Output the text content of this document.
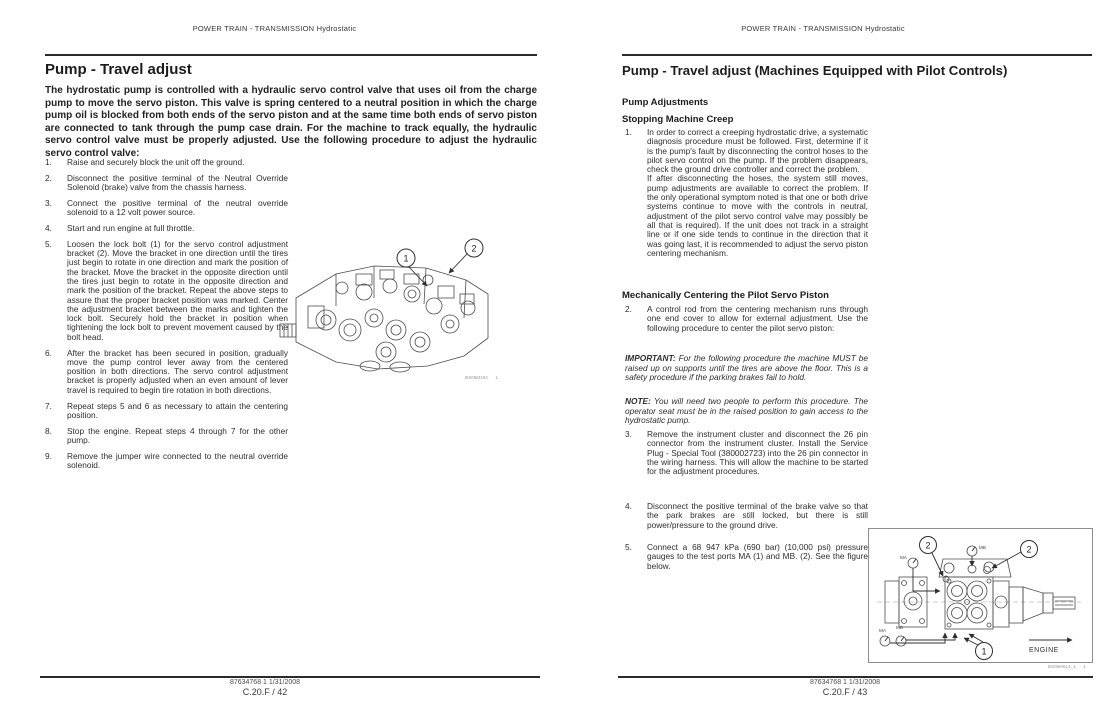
POWER TRAIN - TRANSMISSION Hydrostatic
Pump - Travel adjust

The hydrostatic pump is controlled with a hydraulic servo control valve that uses oil from the charge pump to move the servo piston. This valve is spring centered to a neutral position in which the charge pump oil is blocked from both ends of the servo piston and at the same time both ends of servo piston are connected to tank through the pump case drain. For the machine to track equally, the hydraulic servo control valve must be properly adjusted. Use the following procedure to adjust the hydraulic servo control valve:

1.	Raise and securely block the unit off the ground.
2.	Disconnect the positive terminal of the Neutral Override Solenoid (brake) valve from the chassis harness.
3.	Connect the positive terminal of the neutral override solenoid to a 12 volt power source.
4.	Start and run engine at full throttle.
5.	Loosen the lock bolt (1) for the servo control adjustment bracket (2). Move the bracket in one direction until the tires just begin to rotate in one direction and mark the position of the bracket. Move the bracket in the opposite direction until the tires just begin to rotate in the opposite direction and mark the position of the bracket. Repeat the above steps to assure that the proper bracket position was marked. Center the adjustment bracket between the marks and tighten the lock bolt. Securely hold the bracket in position when tightening the lock bolt to prevent movement caused by the bolt head.
6.	After the bracket has been secured in position, gradually move the pump control lever away from the centered position in both directions. The servo control adjustment bracket is properly adjusted when an even amount of lever travel is required to begin tire rotation in both directions.
7.	Repeat steps 5 and 6 as necessary to attain the centering position.
8.	Stop the engine. Repeat steps 4 through 7 for the other pump.
9.	Remove the jumper wire connected to the neutral override solenoid.
1
2
BS06M194      1
87634768 1 1/31/2008
C.20.F / 42
POWER TRAIN - TRANSMISSION Hydrostatic
Pump - Travel adjust (Machines Equipped with Pilot Controls)
Pump Adjustments
Stopping Machine Creep
1.	In order to correct a creeping hydrostatic drive, a systematic diagnosis procedure must be followed. First, determine if it is the pump's fault by disconnecting the control hoses to the pilot servo control on the pump. If the problem disappears, check the ground drive controller and correct the problem.

If after disconnecting the hoses, the system still moves, pump adjustments are available to correct the problem. If the only operational symptom noted is that one or both drive systems continue to move with the controls in neutral, adjustment of the pilot servo control valve may possibly be all that is required). If the unit does not track in a straight line or if one side tends to continue in the direction that it was going last, it is recommended to adjust the servo piston centering mechanism.

Mechanically Centering the Pilot Servo Piston
2.	A control rod from the centering mechanism runs through one end cover to allow for external adjustment. Use the following procedure to center the pilot servo piston:

IMPORTANT: For the following procedure the machine MUST be raised up on supports until the tires are above the floor. This is a safety procedure if the parking brakes fail to hold.

NOTE: You will need two people to perform this procedure. The operator seat must be in the raised position to gain access to the hydrostatic pump.

3.	Remove the instrument cluster and disconnect the 26 pin connector from the instrument cluster. Install the Service Plug - Special Tool (380002723) into the 26 pin connector in the wiring harness. This will allow the machine to be started for the adjustment procedures.
4.	Disconnect the positive terminal of the brake valve so that the park brakes are still locked, but there is still power/pressure to the ground drive.
5.	Connect a 68 947 kPa (690 bar) (10,000 psi) pressure gauges to the test ports MA (1) and MB. (2). See the figure below.
MB
MA
MA
MB
2	2
1	ENGINE
BS06M614_1      1
87634768 1 1/31/2008
C.20.F / 43
